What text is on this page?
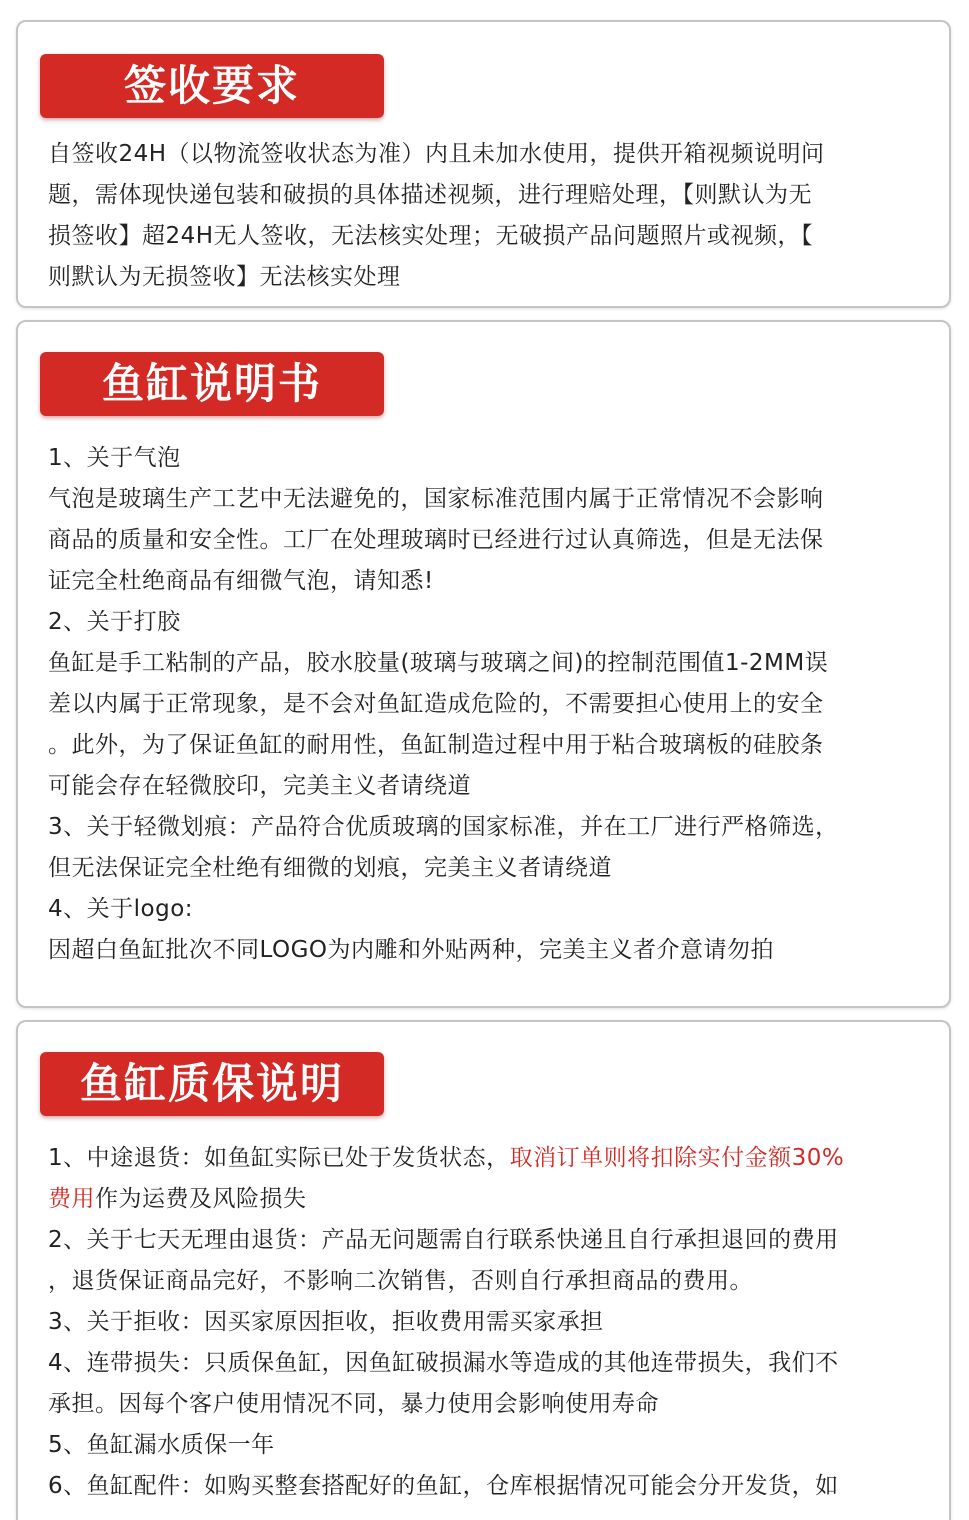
签收要求
自签收24H（以物流签收状态为准）内且未加水使用，提供开箱视频说明问
题，需体现快递包装和破损的具体描述视频，进行理赔处理，【则默认为无
损签收】超24H无人签收，无法核实处理；无破损产品问题照片或视频，【
则默认为无损签收】无法核实处理
鱼缸说明书
1、关于气泡
气泡是玻璃生产工艺中无法避免的，国家标准范围内属于正常情况不会影响
商品的质量和安全性。工厂在处理玻璃时已经进行过认真筛选，但是无法保
证完全杜绝商品有细微气泡，请知悉!
2、关于打胶
鱼缸是手工粘制的产品，胶水胶量(玻璃与玻璃之间)的控制范围值1-2MM误
差以内属于正常现象，是不会对鱼缸造成危险的，不需要担心使用上的安全
。此外，为了保证鱼缸的耐用性，鱼缸制造过程中用于粘合玻璃板的硅胶条
可能会存在轻微胶印，完美主义者请绕道
3、关于轻微划痕：产品符合优质玻璃的国家标准，并在工厂进行严格筛选，
但无法保证完全杜绝有细微的划痕，完美主义者请绕道
4、关于logo:
因超白鱼缸批次不同LOGO为内雕和外贴两种，完美主义者介意请勿拍
鱼缸质保说明
1、中途退货：如鱼缸实际已处于发货状态，取消订单则将扣除实付金额30%
费用作为运费及风险损失
2、关于七天无理由退货：产品无问题需自行联系快递且自行承担退回的费用
，退货保证商品完好，不影响二次销售，否则自行承担商品的费用。
3、关于拒收：因买家原因拒收，拒收费用需买家承担
4、连带损失：只质保鱼缸，因鱼缸破损漏水等造成的其他连带损失，我们不
承担。因每个客户使用情况不同，暴力使用会影响使用寿命
5、鱼缸漏水质保一年
6、鱼缸配件：如购买整套搭配好的鱼缸，仓库根据情况可能会分开发货，如
